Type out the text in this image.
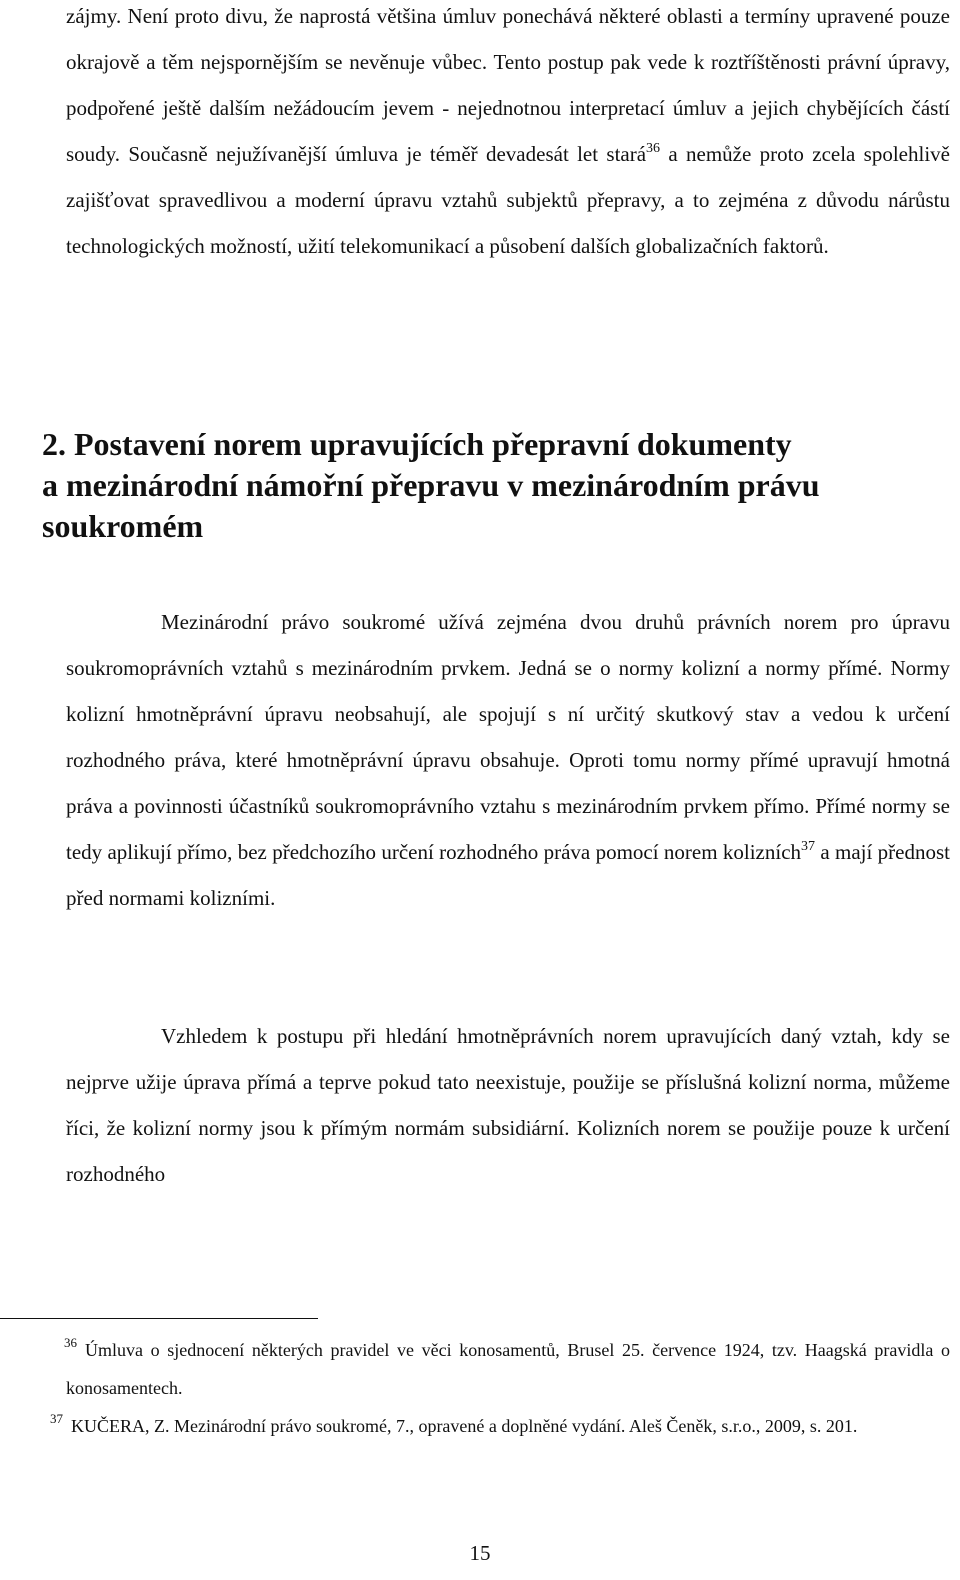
zájmy. Není proto divu, že naprostá většina úmluv ponechává některé oblasti a termíny upravené pouze okrajově a těm nejspornějším se nevěnuje vůbec. Tento postup pak vede k roztříštěnosti právní úpravy, podpořené ještě dalším nežádoucím jevem - nejednotnou interpretací úmluv a jejich chybějících částí soudy. Současně nejužívanější úmluva je téměř devadesát let stará$^{36}$ a nemůže proto zcela spolehlivě zajišťovat spravedlivou a moderní úpravu vztahů subjektů přepravy, a to zejména z důvodu nárůstu technologických možností, užití telekomunikací a působení dalších globalizačních faktorů.

2. Postavení norem upravujících přepravní dokumenty
a mezinárodní námořní přepravu v mezinárodním právu
soukromém

Mezinárodní právo soukromé užívá zejména dvou druhů právních norem pro úpravu soukromoprávních vztahů s mezinárodním prvkem. Jedná se o normy kolizní a normy přímé. Normy kolizní hmotněprávní úpravu neobsahují, ale spojují s ní určitý skutkový stav a vedou k určení rozhodného práva, které hmotněprávní úpravu obsahuje. Oproti tomu normy přímé upravují hmotná práva a povinnosti účastníků soukromoprávního vztahu s mezinárodním prvkem přímo. Přímé normy se tedy aplikují přímo, bez předchozího určení rozhodného práva pomocí norem kolizních$^{37}$ a mají přednost před normami kolizními.

Vzhledem k postupu při hledání hmotněprávních norem upravujících daný vztah, kdy se nejprve užije úprava přímá a teprve pokud tato neexistuje, použije se příslušná kolizní norma, můžeme říci, že kolizní normy jsou k přímým normám subsidiární. Kolizních norem se použije pouze k určení rozhodného

$^{36}$ Úmluva o sjednocení některých pravidel ve věci konosamentů, Brusel 25. července 1924, tzv. Haagská pravidla o konosamentech.

$^{37}$ KUČERA, Z. Mezinárodní právo soukromé, 7., opravené a doplněné vydání. Aleš Čeněk, s.r.o., 2009, s. 201.

15
